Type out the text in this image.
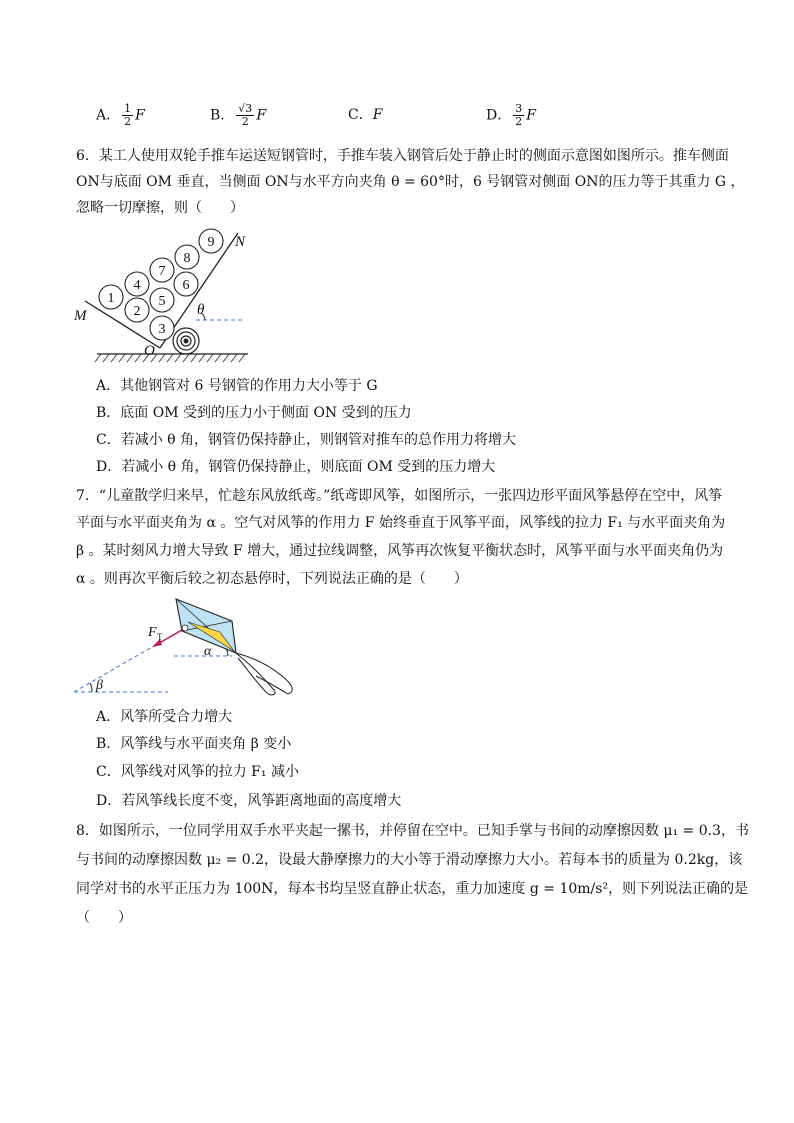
A． $\frac{1}{2}$ F	B． $\frac{√3}{2}$ F	C．F	D． $\frac{3}{2}$ F
6．某工人使用双轮手推车运送短钢管时，手推车装入钢管后处于静止时的侧面示意图如图所示。推车侧面
ON与底面 OM 垂直，当侧面 ON与水平方向夹角 θ = 60°时，6 号钢管对侧面 ON的压力等于其重力 G ，
忽略一切摩擦，则（　　）
1
2
3
4
5
6
7
8
9
M
N
O
θ
A．其他钢管对 6 号钢管的作用力大小等于 G
B．底面 OM 受到的压力小于侧面 ON 受到的压力
C．若减小 θ 角，钢管仍保持静止，则钢管对推车的总作用力将增大
D．若减小 θ 角，钢管仍保持静止，则底面 OM 受到的压力增大
7．“儿童散学归来早，忙趁东风放纸鸢。”纸鸢即风筝，如图所示，一张四边形平面风筝悬停在空中，风筝
平面与水平面夹角为 α 。空气对风筝的作用力 F 始终垂直于风筝平面，风筝线的拉力 F₁ 与水平面夹角为
β 。某时刻风力增大导致 F 增大，通过拉线调整，风筝再次恢复平衡状态时，风筝平面与水平面夹角仍为
α 。则再次平衡后较之初态悬停时，下列说法正确的是（　　）
F T
α
β
A．风筝所受合力增大
B．风筝线与水平面夹角 β 变小
C．风筝线对风筝的拉力 F₁ 减小
D．若风筝线长度不变，风筝距离地面的高度增大
8．如图所示，一位同学用双手水平夹起一摞书，并停留在空中。已知手掌与书间的动摩擦因数 μ₁ = 0.3，书
与书间的动摩擦因数 μ₂ = 0.2，设最大静摩擦力的大小等于滑动摩擦力大小。若每本书的质量为 0.2kg，该
同学对书的水平正压力为 100N，每本书均呈竖直静止状态，重力加速度 g = 10m/s²，则下列说法正确的是
（　　）
